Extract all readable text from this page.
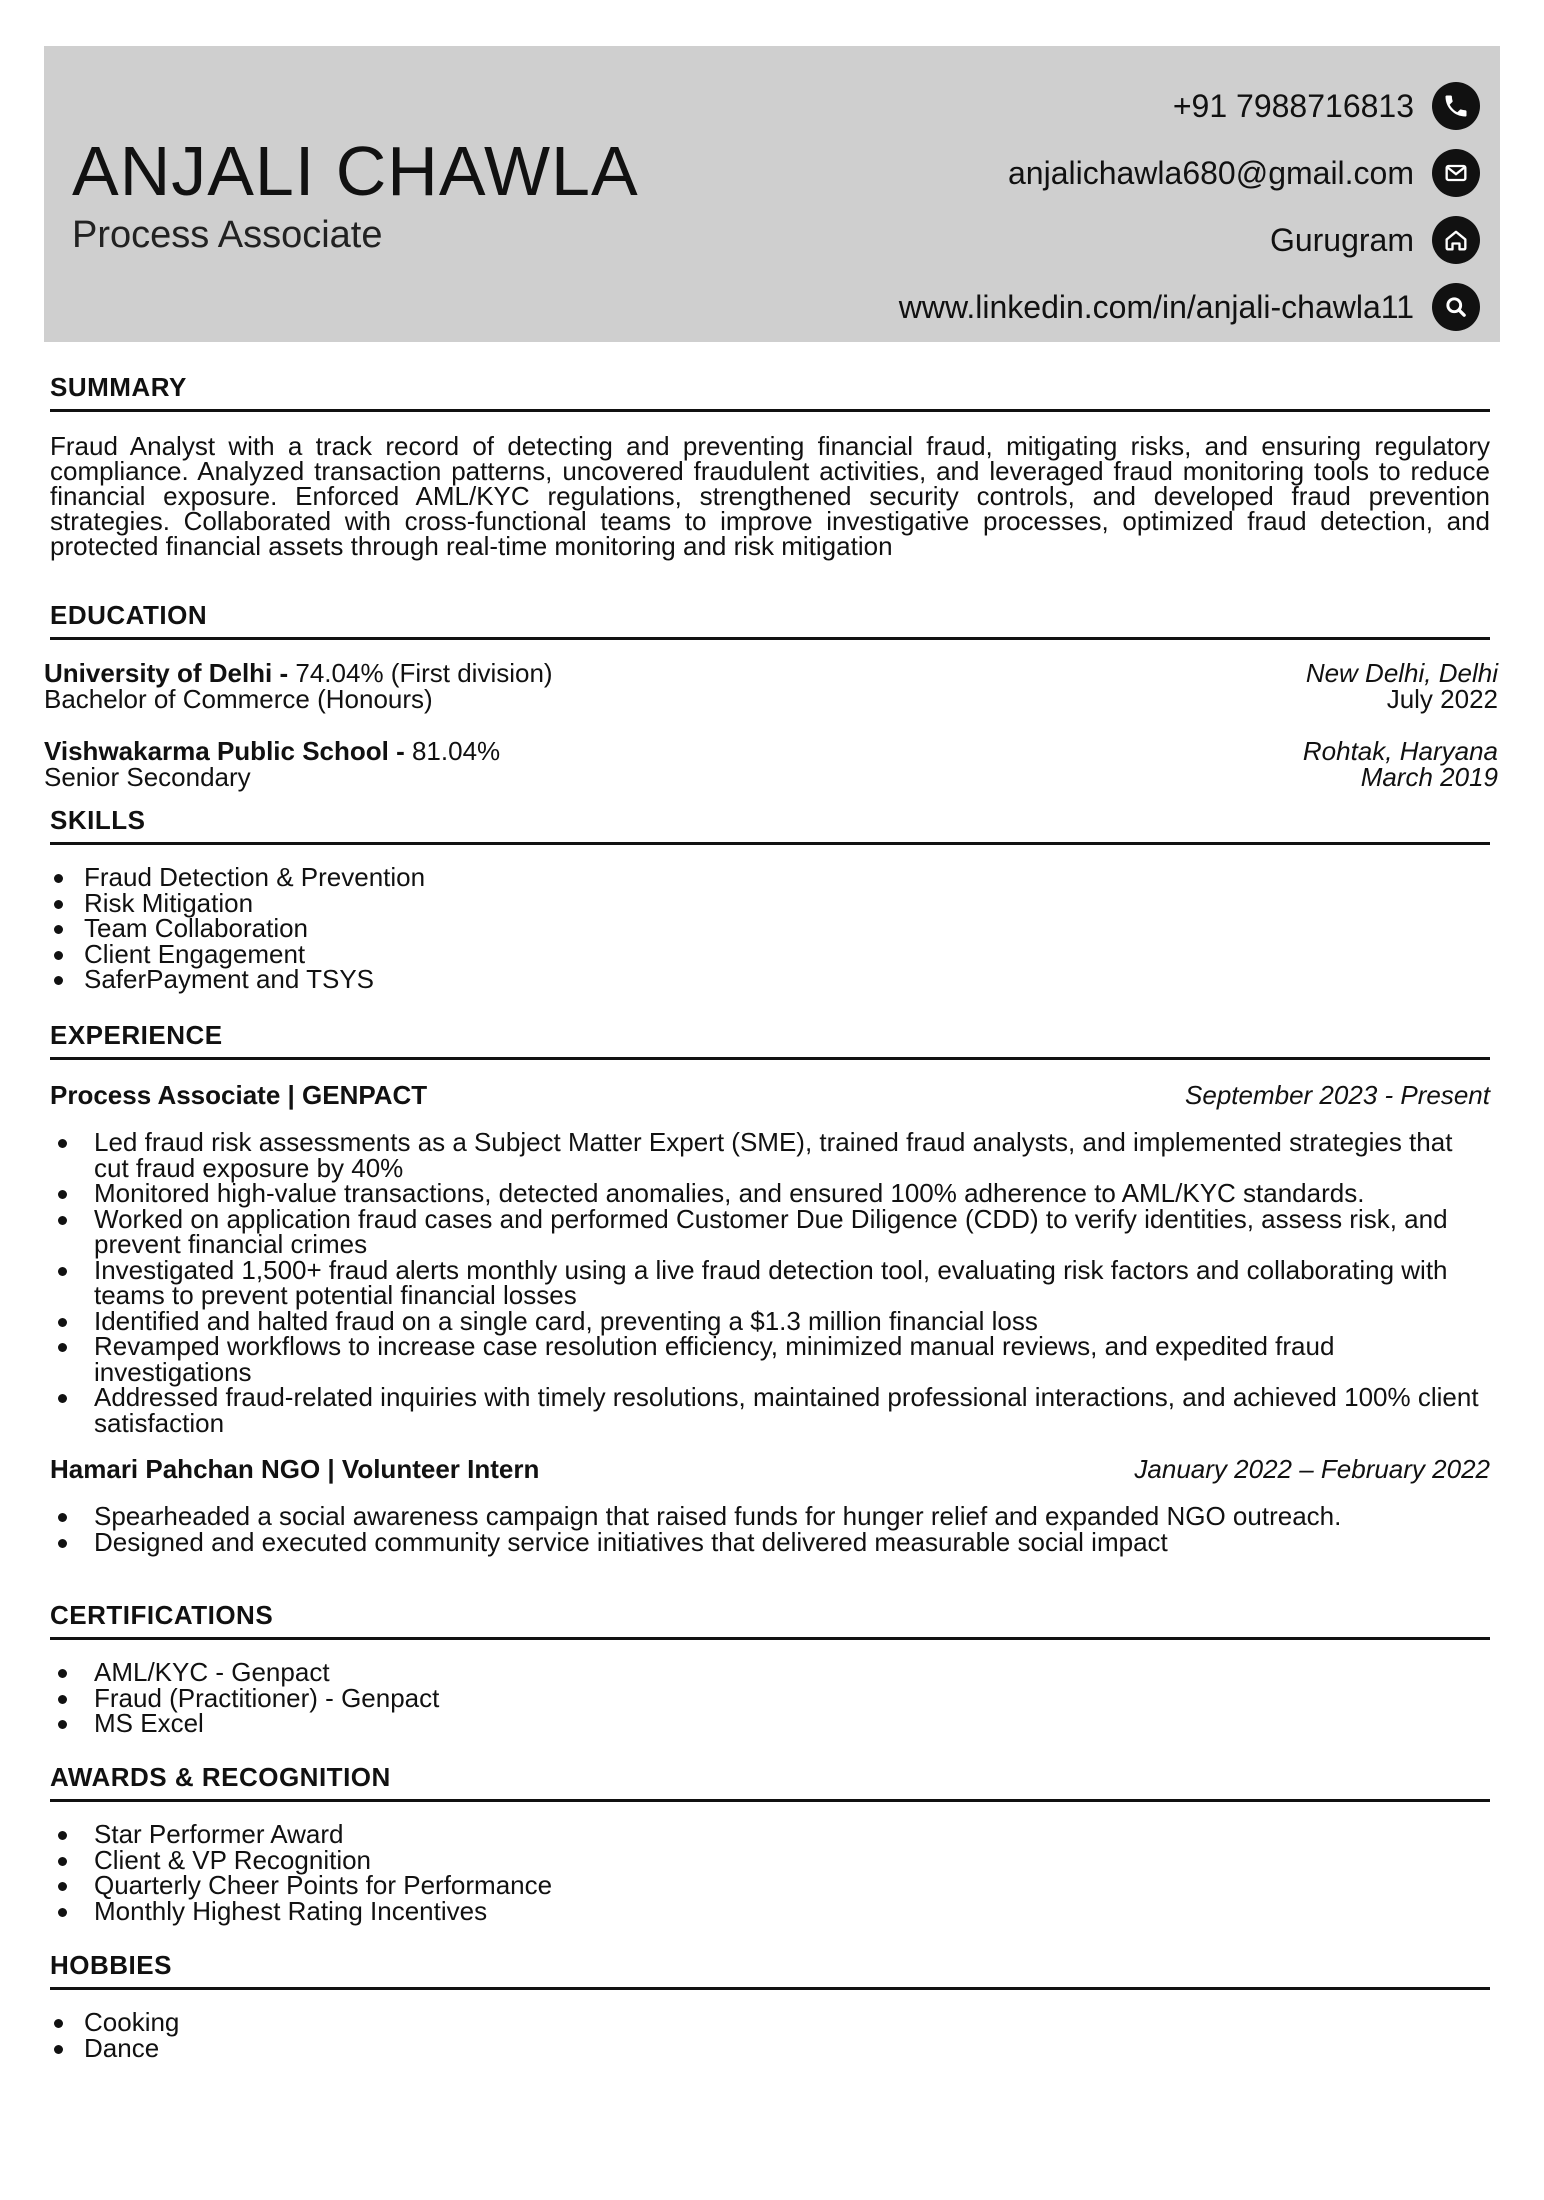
ANJALI CHAWLA
Process Associate
+91 7988716813
anjalichawla680@gmail.com
Gurugram
www.linkedin.com/in/anjali-chawla11
SUMMARY
Fraud Analyst with a track record of detecting and preventing financial fraud, mitigating risks, and ensuring regulatory compliance. Analyzed transaction patterns, uncovered fraudulent activities, and leveraged fraud monitoring tools to reduce financial exposure. Enforced AML/KYC regulations, strengthened security controls, and developed fraud prevention strategies. Collaborated with cross-functional teams to improve investigative processes, optimized fraud detection, and protected financial assets through real-time monitoring and risk mitigation
EDUCATION
University of Delhi - 74.04% (First division)
Bachelor of Commerce (Honours)
New Delhi, Delhi
July 2022
Vishwakarma Public School - 81.04%
Senior Secondary
Rohtak, Haryana
March 2019
SKILLS
Fraud Detection & Prevention
Risk Mitigation
Team Collaboration
Client Engagement
SaferPayment and TSYS
EXPERIENCE
Process Associate | GENPACT	September 2023 - Present
Led fraud risk assessments as a Subject Matter Expert (SME), trained fraud analysts, and implemented strategies that cut fraud exposure by 40%
Monitored high-value transactions, detected anomalies, and ensured 100% adherence to AML/KYC standards.
Worked on application fraud cases and performed Customer Due Diligence (CDD) to verify identities, assess risk, and prevent financial crimes
Investigated 1,500+ fraud alerts monthly using a live fraud detection tool, evaluating risk factors and collaborating with teams to prevent potential financial losses
Identified and halted fraud on a single card, preventing a $1.3 million financial loss
Revamped workflows to increase case resolution efficiency, minimized manual reviews, and expedited fraud investigations
Addressed fraud-related inquiries with timely resolutions, maintained professional interactions, and achieved 100% client satisfaction
Hamari Pahchan NGO | Volunteer Intern	January 2022 – February 2022
Spearheaded a social awareness campaign that raised funds for hunger relief and expanded NGO outreach.
Designed and executed community service initiatives that delivered measurable social impact
CERTIFICATIONS
AML/KYC - Genpact
Fraud (Practitioner) - Genpact
MS Excel
AWARDS & RECOGNITION
Star Performer Award
Client & VP Recognition
Quarterly Cheer Points for Performance
Monthly Highest Rating Incentives
HOBBIES
Cooking
Dance
